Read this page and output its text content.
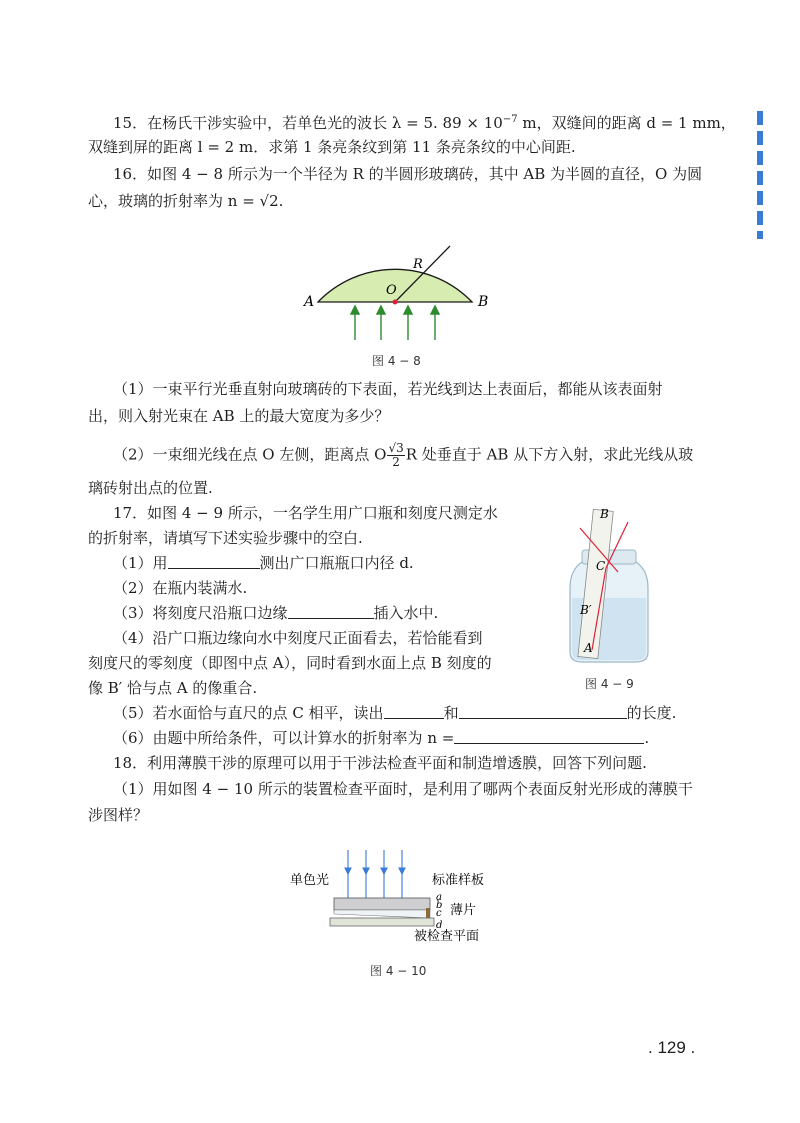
15．在杨氏干涉实验中，若单色光的波长 λ = 5. $89 \times 10^{-7}$ m，双缝间的距离 d = 1 mm，
双缝到屏的距离 l = 2 m．求第 1 条亮条纹到第 11 条亮条纹的中心间距.
16．如图 4 − 8 所示为一个半径为 R 的半圆形玻璃砖，其中 AB 为半圆的直径，O 为圆
心，玻璃的折射率为 n = √2.
A	B
O
R
图 4 − 8
（1）一束平行光垂直射向玻璃砖的下表面，若光线到达上表面后，都能从该表面射
出，则入射光束在 AB 上的最大宽度为多少？
（2）一束细光线在点 O 左侧，距离点 O $\frac{√3}{2}$ R 处垂直于 AB 从下方入射，求此光线从玻
璃砖射出点的位置.
17．如图 4 − 9 所示，一名学生用广口瓶和刻度尺测定水
的折射率，请填写下述实验步骤中的空白.
（1）用	测出广口瓶瓶口内径 d.
（2）在瓶内装满水.
（3）将刻度尺沿瓶口边缘	插入水中.
（4）沿广口瓶边缘向水中刻度尺正面看去，若恰能看到
刻度尺的零刻度（即图中点 A），同时看到水面上点 B 刻度的
像 B′ 恰与点 A 的像重合.
（5）若水面恰与直尺的点 C 相平，读出	和	的长度.
（6）由题中所给条件，可以计算水的折射率为 n =	.
B
C
B′
A
图 4 − 9
18．利用薄膜干涉的原理可以用于干涉法检查平面和制造增透膜，回答下列问题.
（1）用如图 4 − 10 所示的装置检查平面时，是利用了哪两个表面反射光形成的薄膜干
涉图样？
单色光	标准样板
a
b
c
d
薄片
被检查平面
图 4 − 10
. 129 .
